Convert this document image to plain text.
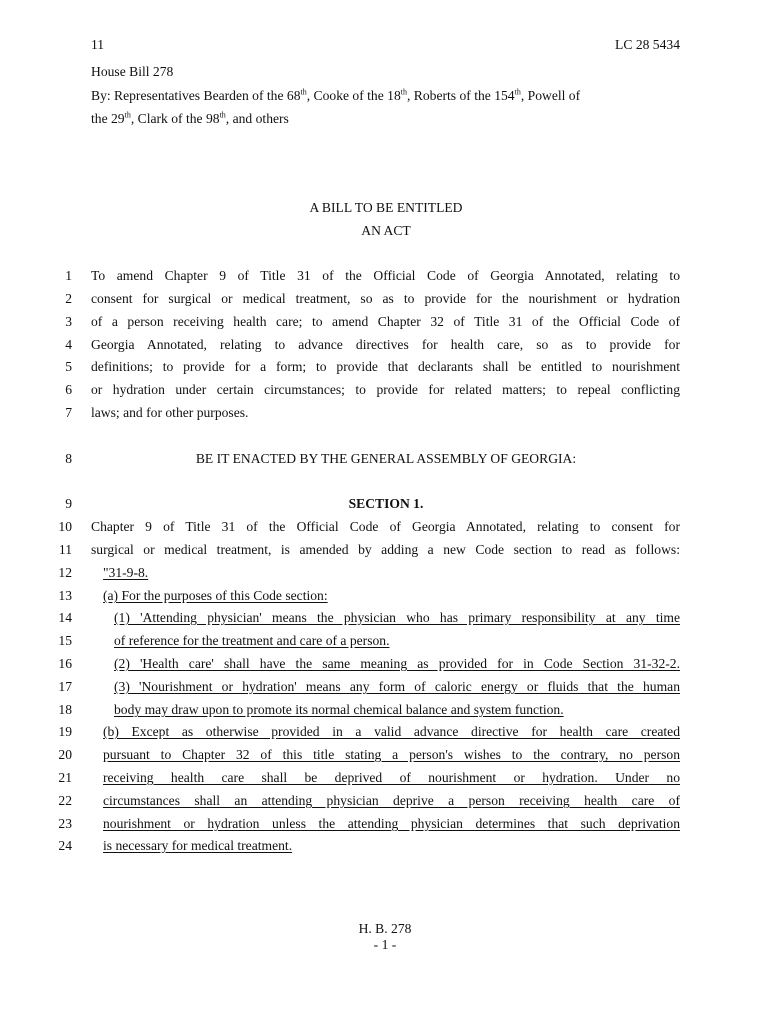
11	LC 28 5434
House Bill 278
By: Representatives Bearden of the 68th, Cooke of the 18th, Roberts of the 154th, Powell of
the 29th, Clark of the 98th, and others
A BILL TO BE ENTITLED
AN ACT
1
2
3
4
5
6
7
8
9
10
11
12
13
14
15
16
17
18
19
20
21
22
23
24
To amend Chapter 9 of Title 31 of the Official Code of Georgia Annotated, relating to
consent for surgical or medical treatment, so as to provide for the nourishment or hydration
of a person receiving health care; to amend Chapter 32 of Title 31 of the Official Code of
Georgia Annotated, relating to advance directives for health care, so as to provide for
definitions; to provide for a form; to provide that declarants shall be entitled to nourishment
or hydration under certain circumstances; to provide for related matters; to repeal conflicting
laws; and for other purposes.
BE IT ENACTED BY THE GENERAL ASSEMBLY OF GEORGIA:
SECTION 1.
Chapter 9 of Title 31 of the Official Code of Georgia Annotated, relating to consent for
surgical or medical treatment, is amended by adding a new Code section to read as follows:
"31-9-8.
(a) For the purposes of this Code section:
(1) 'Attending physician' means the physician who has primary responsibility at any time
of reference for the treatment and care of a person.
(2) 'Health care' shall have the same meaning as provided for in Code Section 31-32-2.
(3) 'Nourishment or hydration' means any form of caloric energy or fluids that the human
body may draw upon to promote its normal chemical balance and system function.
(b) Except as otherwise provided in a valid advance directive for health care created
pursuant to Chapter 32 of this title stating a person's wishes to the contrary, no person
receiving health care shall be deprived of nourishment or hydration. Under no
circumstances shall an attending physician deprive a person receiving health care of
nourishment or hydration unless the attending physician determines that such deprivation
is necessary for medical treatment.
H. B. 278
- 1 -
